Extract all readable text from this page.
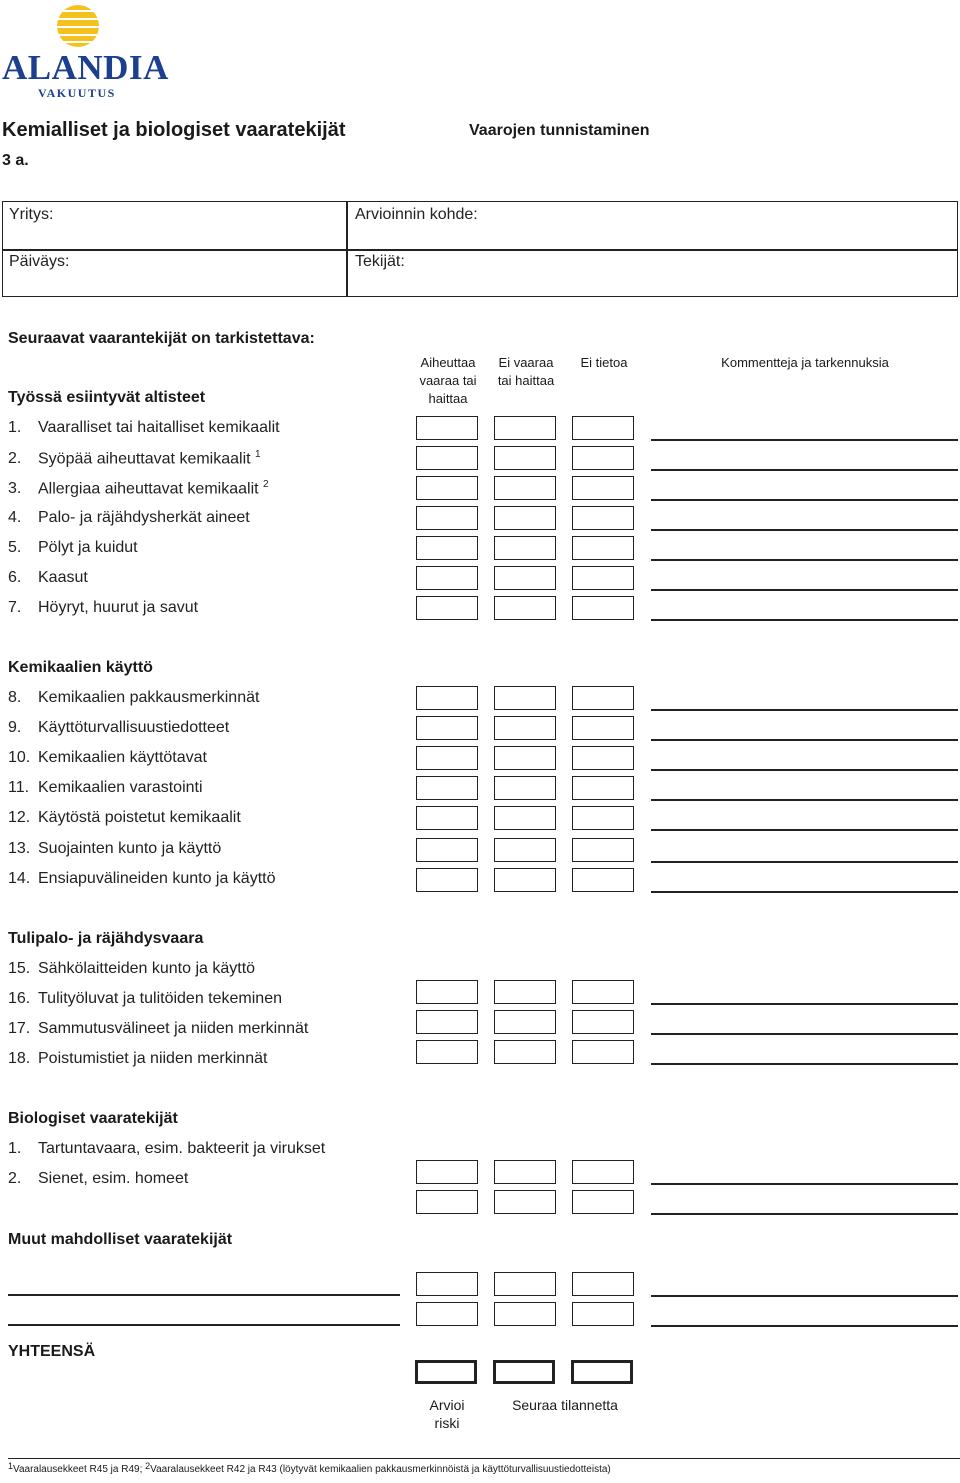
ALANDIA
VAKUUTUS
Kemialliset ja biologiset vaaratekijät
3 a.
Vaarojen tunnistaminen
Yritys:	Arvioinnin kohde:
Päiväys:	Tekijät:
Seuraavat vaarantekijät on tarkistettava:
Aiheuttaa
vaaraa tai
haittaa
Ei vaaraa
tai haittaa
Ei tietoa	Kommentteja ja tarkennuksia
Työssä esiintyvät altisteet
Kemikaalien käyttö
Tulipalo- ja räjähdysvaara
Biologiset vaaratekijät
Muut mahdolliset vaaratekijät
1. Vaaralliset tai haitalliset kemikaalit
2. Syöpää aiheuttavat kemikaalit $^1$
3. Allergiaa aiheuttavat kemikaalit $^2$
4. Palo- ja räjähdysherkät aineet
5. Pölyt ja kuidut
6. Kaasut
7. Höyryt, huurut ja savut
8. Kemikaalien pakkausmerkinnät
9. Käyttöturvallisuustiedotteet
10. Kemikaalien käyttötavat
11. Kemikaalien varastointi
12. Käytöstä poistetut kemikaalit
13. Suojainten kunto ja käyttö
14. Ensiapuvälineiden kunto ja käyttö
15. Sähkölaitteiden kunto ja käyttö
16. Tulityöluvat ja tulitöiden tekeminen
17. Sammutusvälineet ja niiden merkinnät
18. Poistumistiet ja niiden merkinnät
1. Tartuntavaara, esim. bakteerit ja virukset
2. Sienet, esim. homeet
YHTEENSÄ
Arvioi
riski
Seuraa tilannetta
$^1$Vaaralausekkeet R45 ja R49; $^2$Vaaralausekkeet R42 ja R43 (löytyvät kemikaalien pakkausmerkinnöistä ja käyttöturvallisuustiedotteista)
